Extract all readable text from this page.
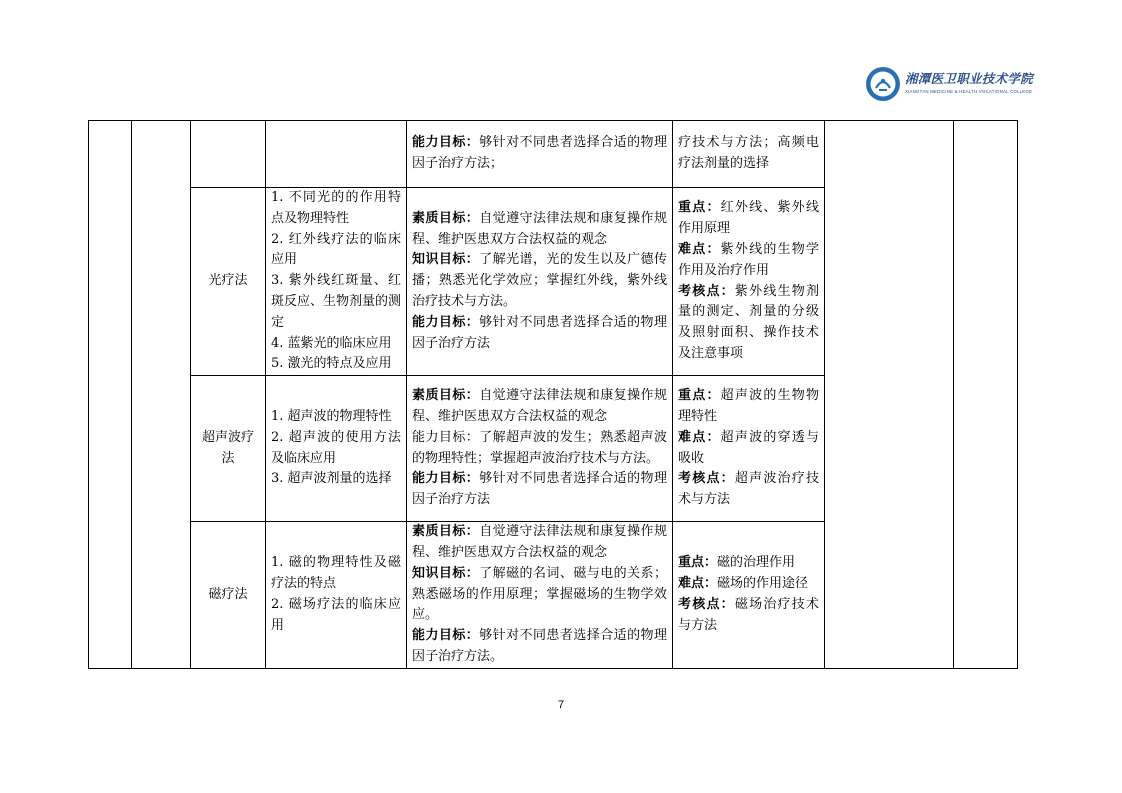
湘潭医卫职业技术学院
XIANGTAN MEDICINE & HEALTH VOCATIONAL COLLEGE
				能力目标：够针对不同患者选择合适的物理因子治疗方法；	疗技术与方法；高频电疗法剂量的选择		
		光疗法	1. 不同光的的作用特点及物理特性
2. 红外线疗法的临床应用
3. 紫外线红斑量、红斑反应、生物剂量的测定
4. 蓝紫光的临床应用
5. 激光的特点及应用	素质目标：自觉遵守法律法规和康复操作规程、维护医患双方合法权益的观念
知识目标：了解光谱，光的发生以及广德传播；熟悉光化学效应；掌握红外线，紫外线治疗技术与方法。
能力目标：够针对不同患者选择合适的物理因子治疗方法	重点：红外线、紫外线作用原理
难点：紫外线的生物学作用及治疗作用
考核点：紫外线生物剂量的测定、剂量的分级及照射面积、操作技术及注意事项		

		超声波疗法	1. 超声波的物理特性
2. 超声波的使用方法及临床应用
3. 超声波剂量的选择	素质目标：自觉遵守法律法规和康复操作规程、维护医患双方合法权益的观念
能力目标：了解超声波的发生；熟悉超声波的物理特性；掌握超声波治疗技术与方法。
能力目标：够针对不同患者选择合适的物理因子治疗方法	重点：超声波的生物物理特性
难点：超声波的穿透与吸收
考核点：超声波治疗技术与方法		

		磁疗法	1. 磁的物理特性及磁疗法的特点
2. 磁场疗法的临床应用	素质目标：自觉遵守法律法规和康复操作规程、维护医患双方合法权益的观念
知识目标：了解磁的名词、磁与电的关系；熟悉磁场的作用原理；掌握磁场的生物学效应。
能力目标：够针对不同患者选择合适的物理因子治疗方法。	重点：磁的治理作用
难点：磁场的作用途径
考核点：磁场治疗技术与方法		
7
